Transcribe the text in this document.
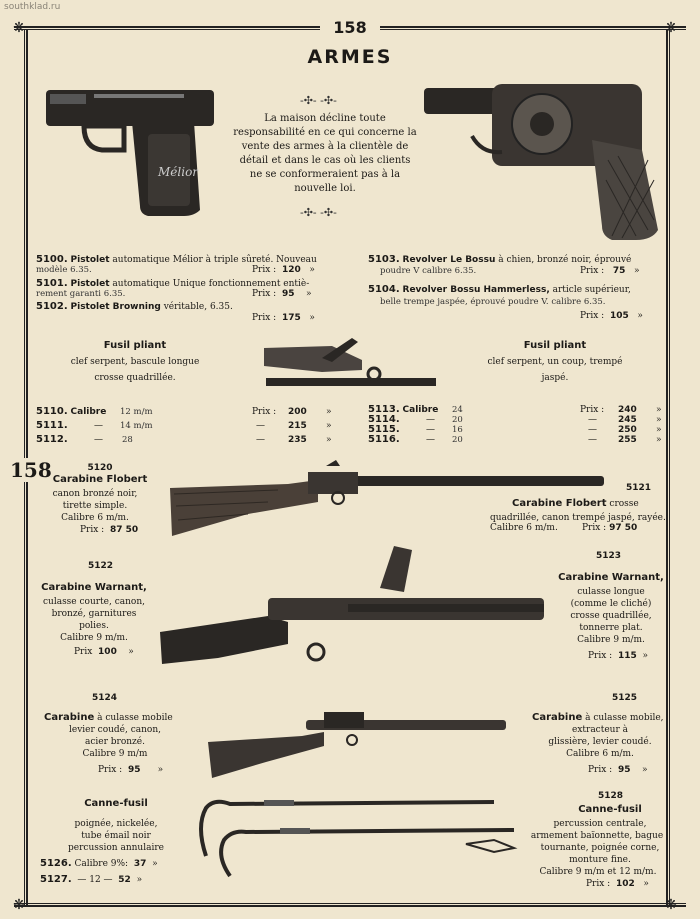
southklad.ru
❋	❋
❋	❋
158
158
ARMES
-✣- -✣-
La maison décline toute responsabilité en ce qui concerne la vente des armes à la clientèle de détail et dans le cas où les clients ne se conformeraient pas à la nouvelle loi.
-✣- -✣-
Mélior
5100. Pistolet automatique Mélior à triple sûreté. Nouveau
modèle 6.35.	Prix : 120 »
5101. Pistolet automatique Unique fonctionnement entiè-
rement garanti 6.35.	Prix : 95 »
5102. Pistolet Browning véritable, 6.35.
Prix : 175 »
5103. Revolver Le Bossu à chien, bronzé noir, éprouvé
poudre V calibre 6.35.	Prix : 75 »
5104. Revolver Bossu Hammerless, article supérieur,
belle trempe jaspée, éprouvé poudre V. calibre 6.35.
Prix : 105 »
Fusil pliant
clef serpent, bascule longue
crosse quadrillée.
Fusil pliant
clef serpent, un coup, trempé
jaspé.
5110. Calibre 12 m/m	Prix : 200 »
5111.	— 14 m/m	—	215 »
5112.	— 28	—	235 »
5113. Calibre 24	Prix : 240 »
5114.	— 20	— 245 »
5115.	— 16	— 250 »
5116.	— 20	— 255 »
5120
Carabine Flobert
canon bronzé noir,
tirette simple.
Calibre 6 m/m.
Prix : 87 50
5121
Carabine Flobert crosse
quadrillée, canon trempé jaspé, rayée.
Calibre 6 m/m.	Prix : 97 50
5122
Carabine Warnant,
culasse courte, canon,
bronzé, garnitures
polies.
Calibre 9 m/m.
Prix 100 »
5123
Carabine Warnant,
culasse longue
(comme le cliché)
crosse quadrillée,
tonnerre plat.
Calibre 9 m/m.
Prix : 115 »
5124
Carabine à culasse mobile
levier coudé, canon,
acier bronzé.
Calibre 9 m/m
Prix : 95 »
5125
Carabine à culasse mobile,
extracteur à
glissière, levier coudé.
Calibre 6 m/m.
Prix : 95 »
Canne-fusil
poignée, nickelée,
tube émail noir
percussion annulaire
5126. Calibre 9%: 37 »
5127. — 12 — 52 »
5128
Canne-fusil
percussion centrale,
armement baïonnette, bague
tournante, poignée corne,
monture fine.
Calibre 9 m/m et 12 m/m.
Prix : 102 »
